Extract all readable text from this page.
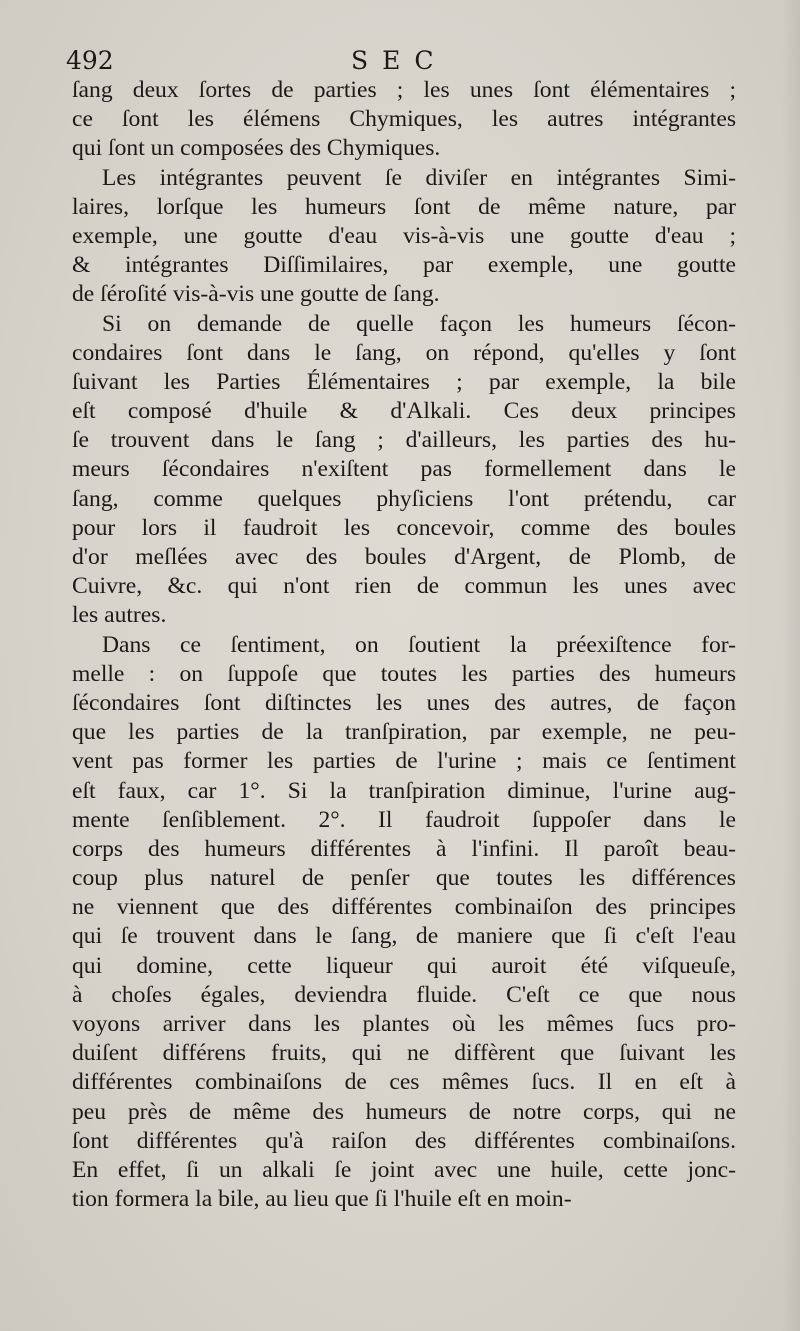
492	SEC
ſang deux ſortes de parties ; les unes ſont élémentaires ;
ce ſont les élémens Chymiques, les autres intégrantes
qui ſont un composées des Chymiques.
Les intégrantes peuvent ſe diviſer en intégrantes Simi-
laires, lorſque les humeurs ſont de même nature, par
exemple, une goutte d'eau vis-à-vis une goutte d'eau ;
& intégrantes Diſſimilaires, par exemple, une goutte
de ſéroſité vis-à-vis une goutte de ſang.
Si on demande de quelle façon les humeurs ſécon-
condaires ſont dans le ſang, on répond, qu'elles y ſont
ſuivant les Parties Élémentaires ; par exemple, la bile
eſt composé d'huile & d'Alkali. Ces deux principes
ſe trouvent dans le ſang ; d'ailleurs, les parties des hu-
meurs ſécondaires n'exiſtent pas formellement dans le
ſang, comme quelques phyſiciens l'ont prétendu, car
pour lors il faudroit les concevoir, comme des boules
d'or meſlées avec des boules d'Argent, de Plomb, de
Cuivre, &c. qui n'ont rien de commun les unes avec
les autres.
Dans ce ſentiment, on ſoutient la préexiſtence for-
melle : on ſuppoſe que toutes les parties des humeurs
ſécondaires ſont diſtinctes les unes des autres, de façon
que les parties de la tranſpiration, par exemple, ne peu-
vent pas former les parties de l'urine ; mais ce ſentiment
eſt faux, car 1°. Si la tranſpiration diminue, l'urine aug-
mente ſenſiblement. 2°. Il faudroit ſuppoſer dans le
corps des humeurs différentes à l'infini. Il paroît beau-
coup plus naturel de penſer que toutes les différences
ne viennent que des différentes combinaiſon des principes
qui ſe trouvent dans le ſang, de maniere que ſi c'eſt l'eau
qui domine, cette liqueur qui auroit été viſqueuſe,
à choſes égales, deviendra fluide. C'eſt ce que nous
voyons arriver dans les plantes où les mêmes ſucs pro-
duiſent différens fruits, qui ne diffèrent que ſuivant les
différentes combinaiſons de ces mêmes ſucs. Il en eſt à
peu près de même des humeurs de notre corps, qui ne
ſont différentes qu'à raiſon des différentes combinaiſons.
En effet, ſi un alkali ſe joint avec une huile, cette jonc-
tion formera la bile, au lieu que ſi l'huile eſt en moin-
